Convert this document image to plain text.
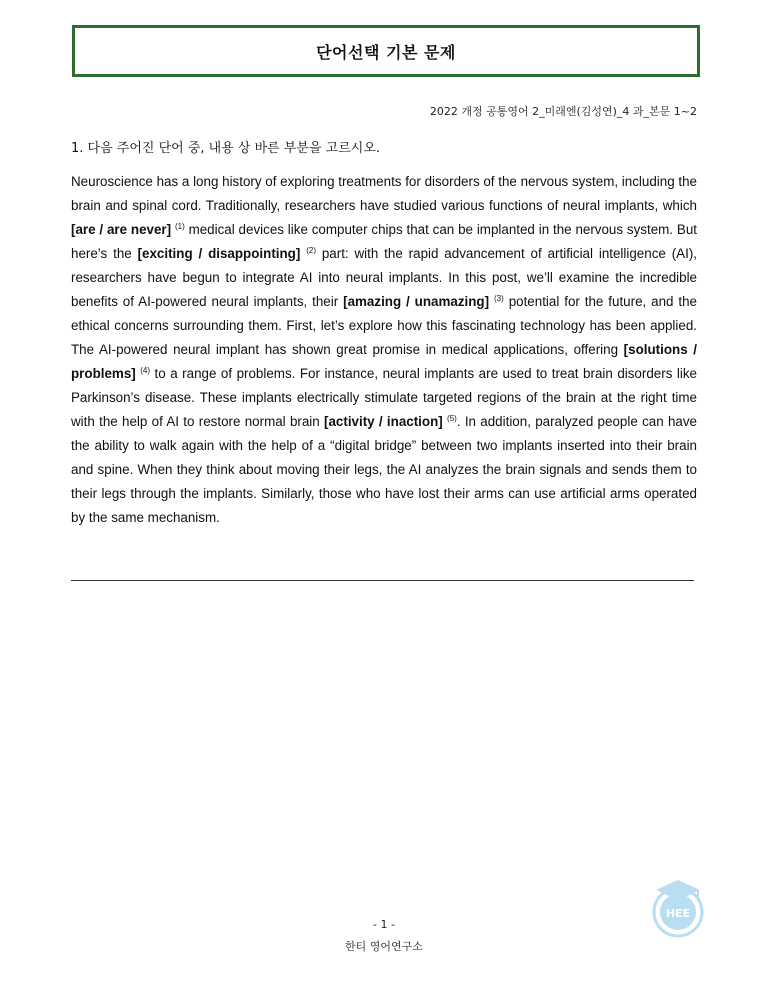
단어선택 기본 문제
2022 개정 공통영어 2_미래엔(김성연)_4 과_본문 1~2
1. 다음 주어진 단어 중, 내용 상 바른 부분을 고르시오.

Neuroscience has a long history of exploring treatments for disorders of the nervous system, including the brain and spinal cord. Traditionally, researchers have studied various functions of neural implants, which [are / are never] $^{(1)}$ medical devices like computer chips that can be implanted in the nervous system. But here’s the [exciting / disappointing] $^{(2)}$ part: with the rapid advancement of artificial intelligence (AI), researchers have begun to integrate AI into neural implants. In this post, we’ll examine the incredible benefits of AI-powered neural implants, their [amazing / unamazing] $^{(3)}$ potential for the future, and the ethical concerns surrounding them. First, let’s explore how this fascinating technology has been applied. The AI-powered neural implant has shown great promise in medical applications, offering [solutions / problems] $^{(4)}$ to a range of problems. For instance, neural implants are used to treat brain disorders like Parkinson’s disease. These implants electrically stimulate targeted regions of the brain at the right time with the help of AI to restore normal brain [activity / inaction] $^{(5)}$. In addition, paralyzed people can have the ability to walk again with the help of a “digital bridge” between two implants inserted into their brain and spine. When they think about moving their legs, the AI analyzes the brain signals and sends them to their legs through the implants. Similarly, those who have lost their arms can use artificial arms operated by the same mechanism.

HEE
- 1 -
한티 영어연구소
